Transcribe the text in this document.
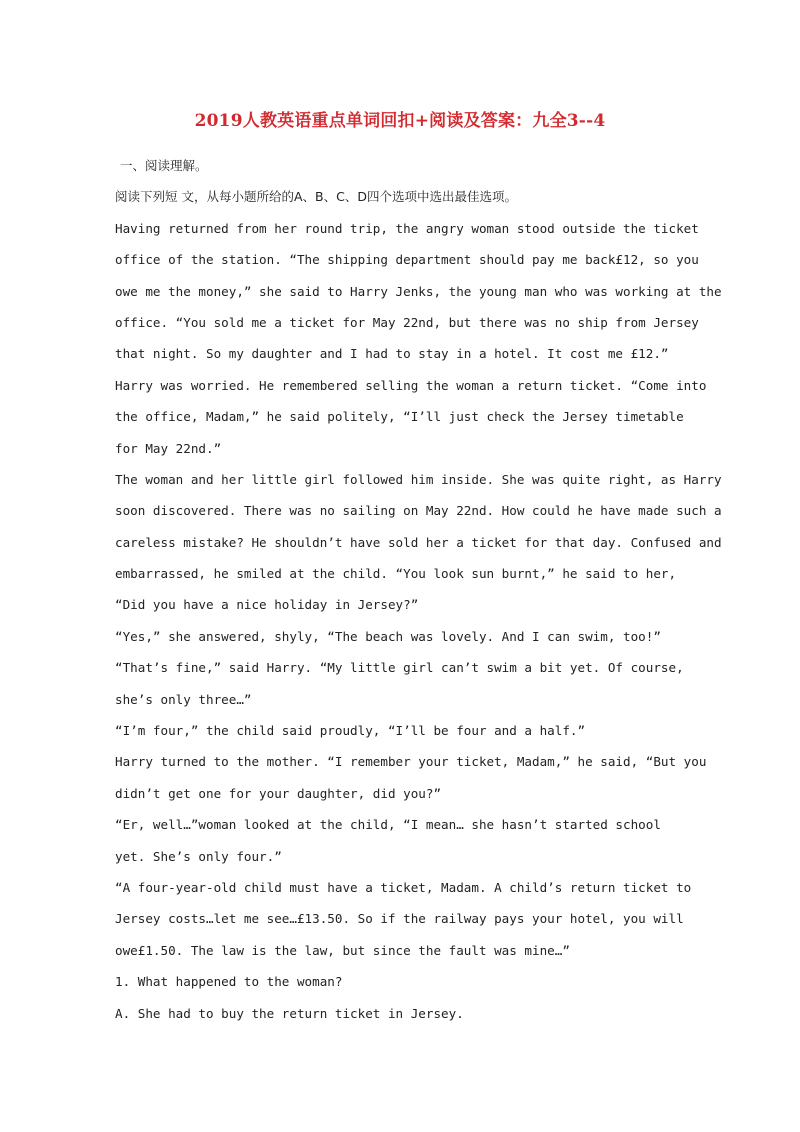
2019人教英语重点单词回扣+阅读及答案：九全3--4
一、阅读理解。
阅读下列短 文，从每小题所给的A、B、C、D四个选项中选出最佳选项。
Having returned from her round trip, the angry woman stood outside the ticket
office of the station. “The shipping department should pay me back£12, so you
owe me the money,” she said to Harry Jenks, the young man who was working at the
office. “You sold me a ticket for May 22nd, but there was no ship from Jersey
that night. So my daughter and I had to stay in a hotel. It cost me £12.”
Harry was worried. He remembered selling the woman a return ticket. “Come into
the office, Madam,” he said politely, “I’ll just check the Jersey timetable
for May 22nd.”
The woman and her little girl followed him inside. She was quite right, as Harry
soon discovered. There was no sailing on May 22nd. How could he have made such a
careless mistake? He shouldn’t have sold her a ticket for that day. Confused and
embarrassed, he smiled at the child. “You look sun burnt,” he said to her,
“Did you have a nice holiday in Jersey?”
“Yes,” she answered, shyly, “The beach was lovely. And I can swim, too!”
“That’s fine,” said Harry. “My little girl can’t swim a bit yet. Of course,
she’s only three…”
“I’m four,” the child said proudly, “I’ll be four and a half.”
Harry turned to the mother. “I remember your ticket, Madam,” he said, “But you
didn’t get one for your daughter, did you?”
“Er, well…”woman looked at the child, “I mean… she hasn’t started school
yet. She’s only four.”
“A four-year-old child must have a ticket, Madam. A child’s return ticket to
Jersey costs…let me see…£13.50. So if the railway pays your hotel, you will
owe£1.50. The law is the law, but since the fault was mine…”
1. What happened to the woman?
A. She had to buy the return ticket in Jersey.
